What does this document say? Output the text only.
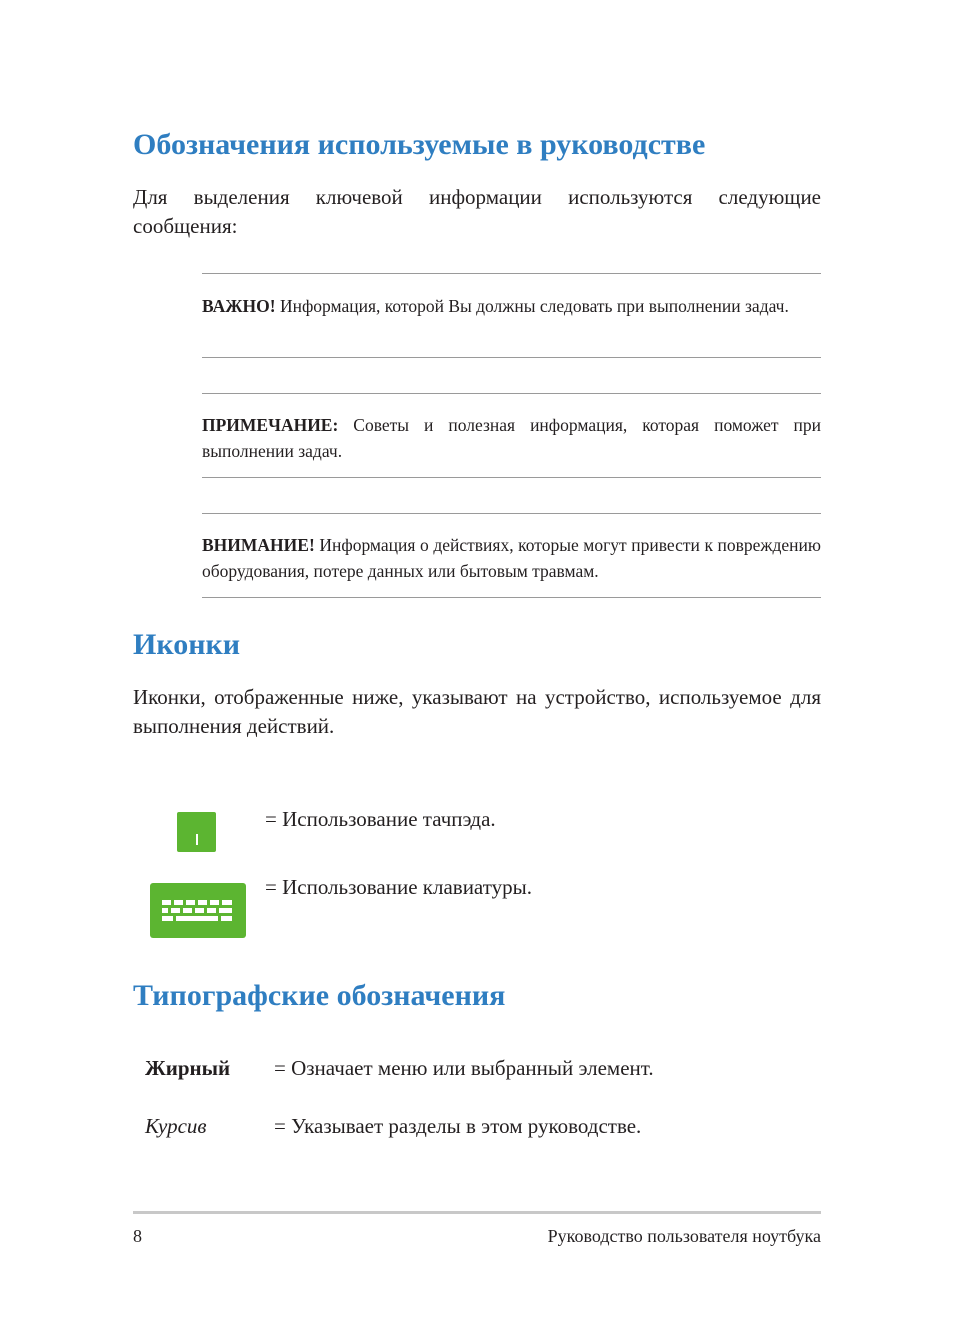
Обозначения используемые в руководстве
Для выделения ключевой информации используются следующие сообщения:
ВАЖНО! Информация, которой Вы должны следовать при выполнении задач.
ПРИМЕЧАНИЕ: Советы и полезная информация, которая поможет при выполнении задач.
ВНИМАНИЕ! Информация о действиях, которые могут привести к повреждению оборудования, потере данных или бытовым травмам.
Иконки
Иконки, отображенные ниже, указывают на устройство, используемое для выполнения действий.
= Использование тачпэда.
= Использование клавиатуры.
Типографские обозначения
Жирный = Означает меню или выбранный элемент.
Курсив	= Указывает разделы в этом руководстве.
8	Руководство пользователя ноутбука
